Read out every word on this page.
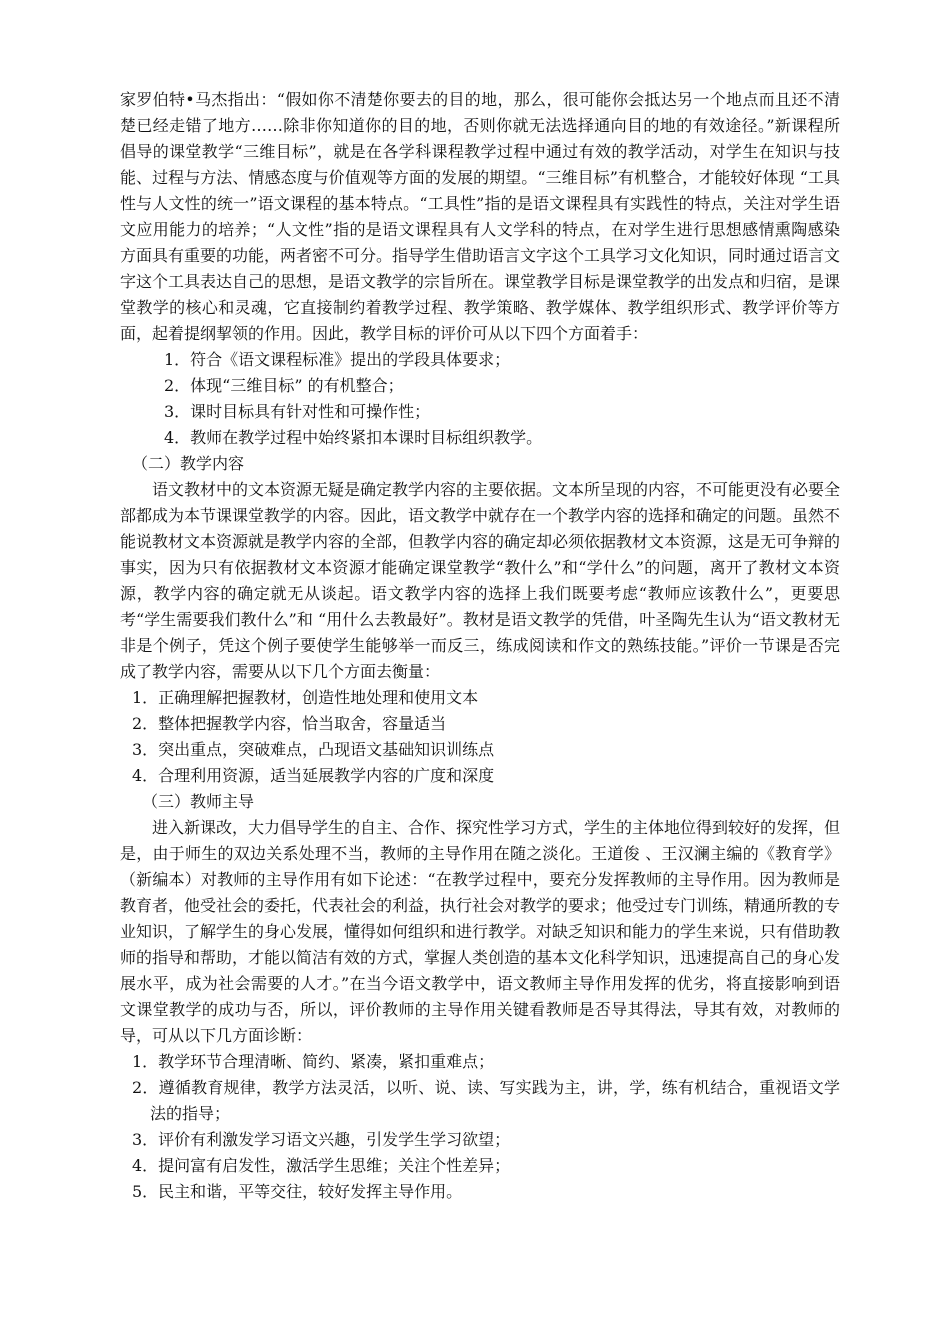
家罗伯特•马杰指出：“假如你不清楚你要去的目的地，那么，很可能你会抵达另一个地点而且还不清楚已经走错了地方……除非你知道你的目的地，否则你就无法选择通向目的地的有效途径。”新课程所倡导的课堂教学“三维目标”，就是在各学科课程教学过程中通过有效的教学活动，对学生在知识与技能、过程与方法、情感态度与价值观等方面的发展的期望。“三维目标”有机整合，才能较好体现 “工具性与人文性的统一”语文课程的基本特点。“工具性”指的是语文课程具有实践性的特点，关注对学生语文应用能力的培养；“人文性”指的是语文课程具有人文学科的特点，在对学生进行思想感情熏陶感染方面具有重要的功能，两者密不可分。指导学生借助语言文字这个工具学习文化知识，同时通过语言文字这个工具表达自己的思想，是语文教学的宗旨所在。课堂教学目标是课堂教学的出发点和归宿，是课堂教学的核心和灵魂，它直接制约着教学过程、教学策略、教学媒体、教学组织形式、教学评价等方面，起着提纲挈领的作用。因此，教学目标的评价可从以下四个方面着手：

1．符合《语文课程标准》提出的学段具体要求；

2．体现“三维目标” 的有机整合；

3．课时目标具有针对性和可操作性；

4．教师在教学过程中始终紧扣本课时目标组织教学。

（二）教学内容

语文教材中的文本资源无疑是确定教学内容的主要依据。文本所呈现的内容，不可能更没有必要全部都成为本节课课堂教学的内容。因此，语文教学中就存在一个教学内容的选择和确定的问题。虽然不能说教材文本资源就是教学内容的全部，但教学内容的确定却必须依据教材文本资源，这是无可争辩的事实，因为只有依据教材文本资源才能确定课堂教学“教什么”和“学什么”的问题，离开了教材文本资源，教学内容的确定就无从谈起。语文教学内容的选择上我们既要考虑“教师应该教什么”，更要思考“学生需要我们教什么”和 “用什么去教最好”。教材是语文教学的凭借，叶圣陶先生认为“语文教材无非是个例子，凭这个例子要使学生能够举一而反三，练成阅读和作文的熟练技能。”评价一节课是否完成了教学内容，需要从以下几个方面去衡量：

1．正确理解把握教材，创造性地处理和使用文本

2．整体把握教学内容，恰当取舍，容量适当

3．突出重点，突破难点，凸现语文基础知识训练点

4．合理利用资源，适当延展教学内容的广度和深度

（三）教师主导

进入新课改，大力倡导学生的自主、合作、探究性学习方式，学生的主体地位得到较好的发挥，但是，由于师生的双边关系处理不当，教师的主导作用在随之淡化。王道俊 、王汉澜主编的《教育学》（新编本）对教师的主导作用有如下论述：“在教学过程中，要充分发挥教师的主导作用。因为教师是教育者，他受社会的委托，代表社会的利益，执行社会对教学的要求；他受过专门训练，精通所教的专业知识，了解学生的身心发展，懂得如何组织和进行教学。对缺乏知识和能力的学生来说，只有借助教师的指导和帮助，才能以简洁有效的方式，掌握人类创造的基本文化科学知识，迅速提高自己的身心发展水平，成为社会需要的人才。”在当今语文教学中，语文教师主导作用发挥的优劣，将直接影响到语文课堂教学的成功与否，所以，评价教师的主导作用关键看教师是否导其得法，导其有效，对教师的导，可从以下几方面诊断：

1．教学环节合理清晰、简约、紧凑，紧扣重难点；

2．遵循教育规律，教学方法灵活，以听、说、读、写实践为主，讲，学，练有机结合，重视语文学法的指导；

3．评价有利激发学习语文兴趣，引发学生学习欲望；

4．提问富有启发性，激活学生思维；关注个性差异；

5．民主和谐，平等交往，较好发挥主导作用。
